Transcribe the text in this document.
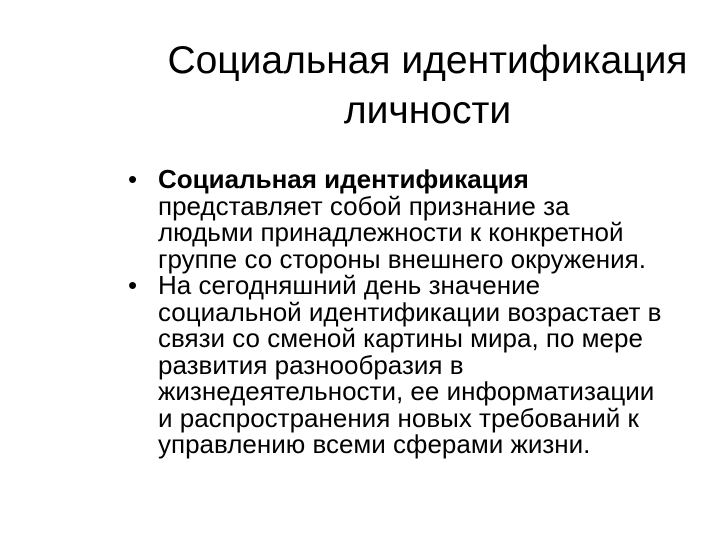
Социальная идентификация
личности
• Социальная идентификация
представляет собой признание за
людьми принадлежности к конкретной
группе со стороны внешнего окружения.
• На сегодняшний день значение
социальной идентификации возрастает в
связи со сменой картины мира, по мере
развития разнообразия в
жизнедеятельности, ее информатизации
и распространения новых требований к
управлению всеми сферами жизни.
